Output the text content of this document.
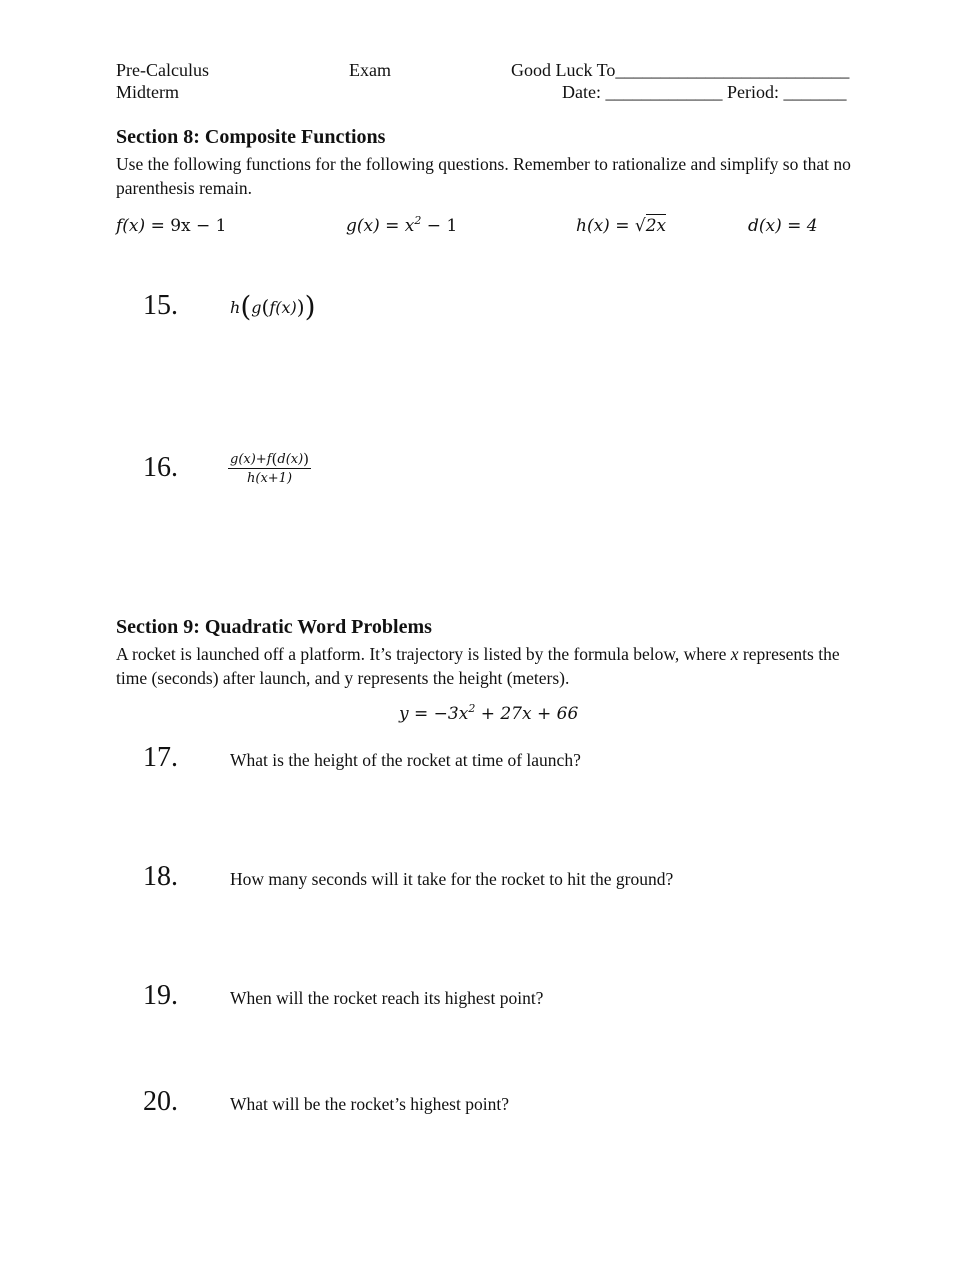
Pre-Calculus
Midterm
Exam	Good Luck To__________________________
Date: _____________ Period: _______
Section 8: Composite Functions
Use the following functions for the following questions. Remember to rationalize and simplify so that no parenthesis remain.
f(x) = 9x − 1	$g(x) = x^2 - 1$	h(x) = √2x	d(x) = 4
15.	h(g(f(x)))
16.	$\frac{g(x)+f(d(x))}{h(x+1)}$
Section 9: Quadratic Word Problems
A rocket is launched off a platform. It’s trajectory is listed by the formula below, where x represents the time (seconds) after launch, and y represents the height (meters).
$y = -3x^2 + 27x + 66$
17.	What is the height of the rocket at time of launch?
18.	How many seconds will it take for the rocket to hit the ground?
19.	When will the rocket reach its highest point?
20.	What will be the rocket’s highest point?
